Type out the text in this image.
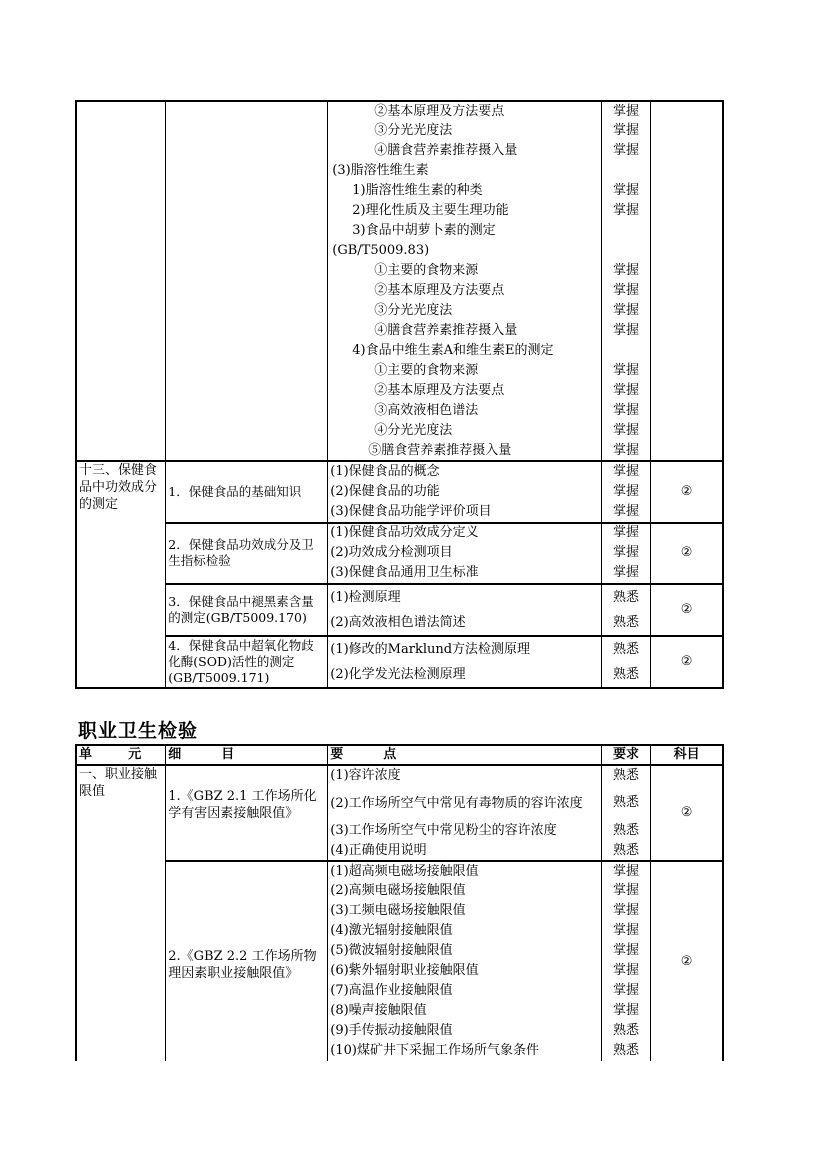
		②基本原理及方法要点	掌握	
		③分光光度法	掌握	
		④膳食营养素推荐摄入量	掌握	
		(3)脂溶性维生素		
		1)脂溶性维生素的种类	掌握	
		2)理化性质及主要生理功能	掌握	
		3)食品中胡萝卜素的测定		
		(GB/T5009.83)		
		①主要的食物来源	掌握	
		②基本原理及方法要点	掌握	
		③分光光度法	掌握	
		④膳食营养素推荐摄入量	掌握	
		4)食品中维生素A和维生素E的测定		
		①主要的食物来源	掌握	
		②基本原理及方法要点	掌握	
		③高效液相色谱法	掌握	
		④分光光度法	掌握	
		⑤膳食营养素推荐摄入量	掌握	
十三、保健食品中功效成分的测定	1．保健食品的基础知识	(1)保健食品的概念	掌握	②
		(2)保健食品的功能	掌握	
		(3)保健食品功能学评价项目	掌握	
	2．保健食品功效成分及卫生指标检验	(1)保健食品功效成分定义	掌握	②
		(2)功效成分检测项目	掌握	
		(3)保健食品通用卫生标准	掌握	
	3．保健食品中褪黑素含量的测定(GB/T5009.170)	(1)检测原理	熟悉	②
		(2)高效液相色谱法简述	熟悉	
	4．保健食品中超氧化物歧化酶(SOD)活性的测定(GB/T5009.171)	(1)修改的Marklund方法检测原理	熟悉	②
		(2)化学发光法检测原理	熟悉	
职业卫生检验
单 元	细 目	要 点	要求	科目
一、职业接触限值	1.《GBZ 2.1 工作场所化学有害因素接触限值》	(1)容许浓度	熟悉	②
		(2)工作场所空气中常见有毒物质的容许浓度	熟悉	
		(3)工作场所空气中常见粉尘的容许浓度	熟悉	
		(4)正确使用说明	熟悉	
	2.《GBZ 2.2 工作场所物理因素职业接触限值》	(1)超高频电磁场接触限值	掌握	②
		(2)高频电磁场接触限值	掌握	
		(3)工频电磁场接触限值	掌握	
		(4)激光辐射接触限值	掌握	
		(5)微波辐射接触限值	掌握	
		(6)紫外辐射职业接触限值	掌握	
		(7)高温作业接触限值	掌握	
		(8)噪声接触限值	掌握	
		(9)手传振动接触限值	熟悉	
		(10)煤矿井下采掘工作场所气象条件	熟悉	
